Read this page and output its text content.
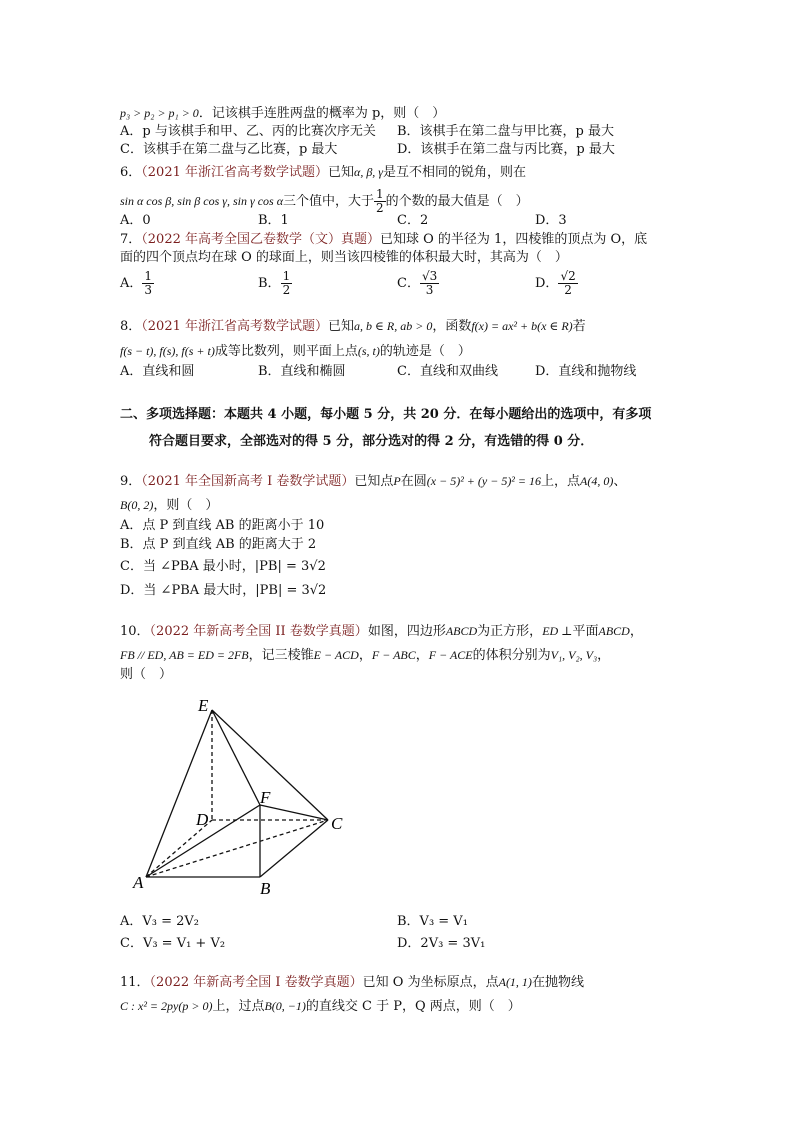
p₃ > p₂ > p₁ > 0．记该棋手连胜两盘的概率为 p，则（　）
A．p 与该棋手和甲、乙、丙的比赛次序无关 B．该棋手在第二盘与甲比赛，p 最大
C．该棋手在第二盘与乙比赛，p 最大	D．该棋手在第二盘与丙比赛，p 最大
6．（2021 年浙江省高考数学试题）已知α, β, γ是互不相同的锐角，则在
sin α cos β, sin β cos γ, sin γ cos α三个值中，大于 $\frac{1}{2}$ 的个数的最大值是（　）
A．0	B．1	C．2	D．3
7．（2022 年高考全国乙卷数学（文）真题）已知球 O 的半径为 1，四棱锥的顶点为 O，底
面的四个顶点均在球 O 的球面上，则当该四棱锥的体积最大时，其高为（　）
A． $\frac{1}{3}$	B． $\frac{1}{2}$	C． $\frac{√3}{3}$	D． $\frac{√2}{2}$
8．（2021 年浙江省高考数学试题）已知a, b ∈ R, ab > 0，函数f(x) = ax² + b(x ∈ R)若
f(s − t), f(s), f(s + t)成等比数列，则平面上点(s, t)的轨迹是（　）
A．直线和圆	B．直线和椭圆	C．直线和双曲线	D．直线和抛物线
二、多项选择题：本题共 4 小题，每小题 5 分，共 20 分．在每小题给出的选项中，有多项
符合题目要求，全部选对的得 5 分，部分选对的得 2 分，有选错的得 0 分．
9．（2021 年全国新高考 I 卷数学试题）已知点P在圆(x − 5)² + (y − 5)² = 16上，点A(4, 0)、
B(0, 2)，则（　）
A．点 P 到直线 AB 的距离小于 10
B．点 P 到直线 AB 的距离大于 2
C．当 ∠PBA 最小时，|PB| = 3√2
D．当 ∠PBA 最大时，|PB| = 3√2
10．（2022 年新高考全国 II 卷数学真题）如图，四边形ABCD为正方形，ED ⊥平面ABCD，
FB // ED, AB = ED = 2FB，记三棱锥E − ACD，F − ABC，F − ACE的体积分别为V₁, V₂, V₃，
则（　）
E
F
D	C
A	B
A．V₃ = 2V₂	B．V₃ = V₁
C．V₃ = V₁ + V₂	D．2V₃ = 3V₁
11．（2022 年新高考全国 I 卷数学真题）已知 O 为坐标原点，点A(1, 1)在抛物线
C : x² = 2py(p > 0)上，过点B(0, −1)的直线交 C 于 P，Q 两点，则（　）
